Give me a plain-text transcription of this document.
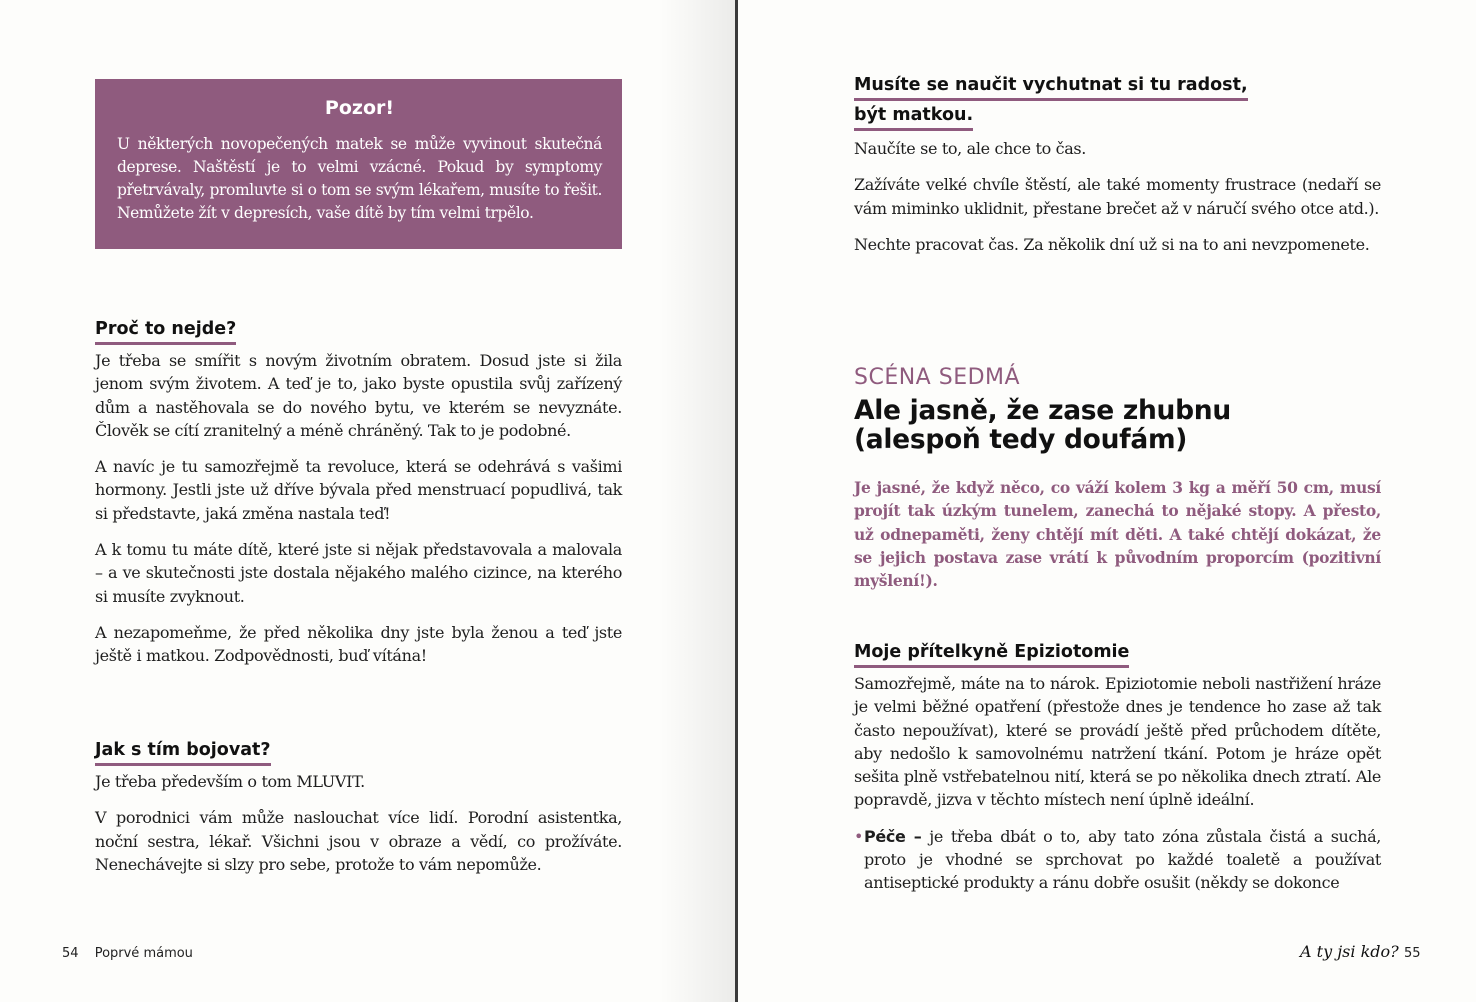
Pozor!

U některých novopečených matek se může vyvinout skutečná deprese. Naštěstí je to velmi vzácné. Pokud by symptomy přetrvávaly, promluvte si o tom se svým lékařem, musíte to řešit. Nemůžete žít v depresích, vaše dítě by tím velmi trpělo.

Proč to nejde?

Je třeba se smířit s novým životním obratem. Dosud jste si žila jenom svým životem. A teď je to, jako byste opustila svůj zařízený dům a nastěhovala se do nového bytu, ve kterém se nevyznáte. Člověk se cítí zranitelný a méně chráněný. Tak to je podobné.

A navíc je tu samozřejmě ta revoluce, která se odehrává s vašimi hormony. Jestli jste už dříve bývala před menstruací popudlivá, tak si představte, jaká změna nastala teď!

A k tomu tu máte dítě, které jste si nějak představovala a malovala – a ve skutečnosti jste dostala nějakého malého cizince, na kterého si musíte zvyknout.

A nezapomeňme, že před několika dny jste byla ženou a teď jste ještě i matkou. Zodpovědnosti, buď vítána!

Jak s tím bojovat?

Je třeba především o tom MLUVIT.

V porodnici vám může naslouchat více lidí. Porodní asistentka, noční sestra, lékař. Všichni jsou v obraze a vědí, co prožíváte. Nenechávejte si slzy pro sebe, protože to vám nepomůže.

54 Poprvé mámou
Musíte se naučit vychutnat si tu radost,
být matkou.

Naučíte se to, ale chce to čas.

Zažíváte velké chvíle štěstí, ale také momenty frustrace (nedaří se vám miminko uklidnit, přestane brečet až v náručí svého otce atd.).

Nechte pracovat čas. Za několik dní už si na to ani nevzpomenete.

SCÉNA SEDMÁ

Ale jasně, že zase zhubnu

(alespoň tedy doufám)

Je jasné, že když něco, co váží kolem 3 kg a měří 50 cm, musí projít tak úzkým tunelem, zanechá to nějaké stopy. A přesto, už odnepaměti, ženy chtějí mít děti. A také chtějí dokázat, že se jejich postava zase vrátí k původním proporcím (pozitivní myšlení!).

Moje přítelkyně Epiziotomie

Samozřejmě, máte na to nárok. Epiziotomie neboli nastřižení hráze je velmi běžné opatření (přestože dnes je tendence ho zase až tak často nepoužívat), které se provádí ještě před průchodem dítěte, aby nedošlo k samovolnému natržení tkání. Potom je hráze opět sešita plně vstřebatelnou nití, která se po několika dnech ztratí. Ale popravdě, jizva v těchto místech není úplně ideální.

• Péče – je třeba dbát o to, aby tato zóna zůstala čistá a suchá, proto je vhodné se sprchovat po každé toaletě a používat antiseptické produkty a ránu dobře osušit (někdy se dokonce
A ty jsi kdo? 55
